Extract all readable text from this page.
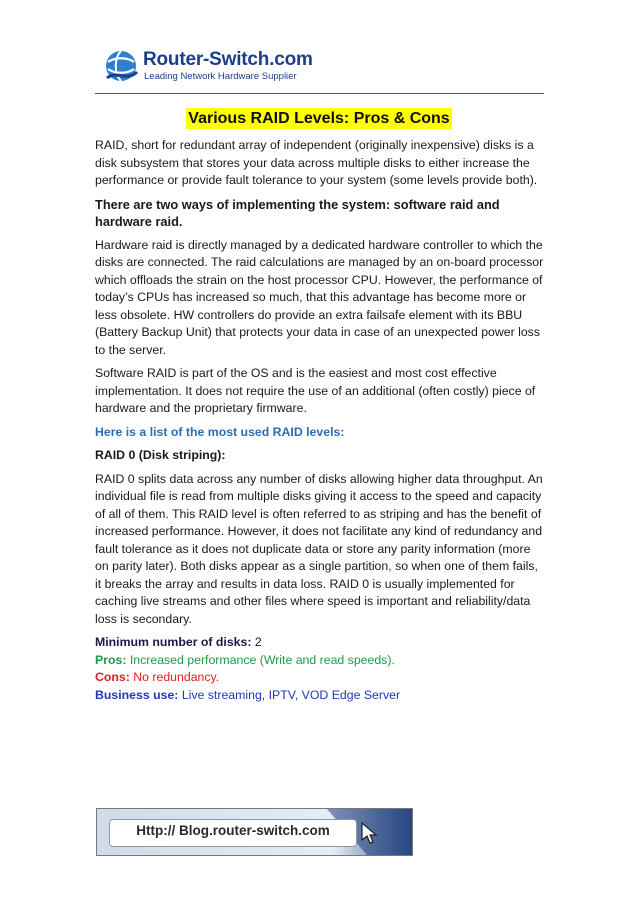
Router-Switch.com
Leading Network Hardware Supplier
Various RAID Levels: Pros & Cons

RAID, short for redundant array of independent (originally inexpensive) disks is a disk subsystem that stores your data across multiple disks to either increase the performance or provide fault tolerance to your system (some levels provide both).

There are two ways of implementing the system: software raid and hardware raid.

Hardware raid is directly managed by a dedicated hardware controller to which the disks are connected. The raid calculations are managed by an on-board processor which offloads the strain on the host processor CPU. However, the performance of today’s CPUs has increased so much, that this advantage has become more or less obsolete. HW controllers do provide an extra failsafe element with its BBU (Battery Backup Unit) that protects your data in case of an unexpected power loss to the server.

Software RAID is part of the OS and is the easiest and most cost effective implementation. It does not require the use of an additional (often costly) piece of hardware and the proprietary firmware.

Here is a list of the most used RAID levels:

RAID 0 (Disk striping):

RAID 0 splits data across any number of disks allowing higher data throughput. An individual file is read from multiple disks giving it access to the speed and capacity of all of them. This RAID level is often referred to as striping and has the benefit of increased performance. However, it does not facilitate any kind of redundancy and fault tolerance as it does not duplicate data or store any parity information (more on parity later). Both disks appear as a single partition, so when one of them fails, it breaks the array and results in data loss. RAID 0 is usually implemented for caching live streams and other files where speed is important and reliability/data loss is secondary.

Minimum number of disks: 2
Pros: Increased performance (Write and read speeds).
Cons: No redundancy.
Business use: Live streaming, IPTV, VOD Edge Server
Http:// Blog.router-switch.com
